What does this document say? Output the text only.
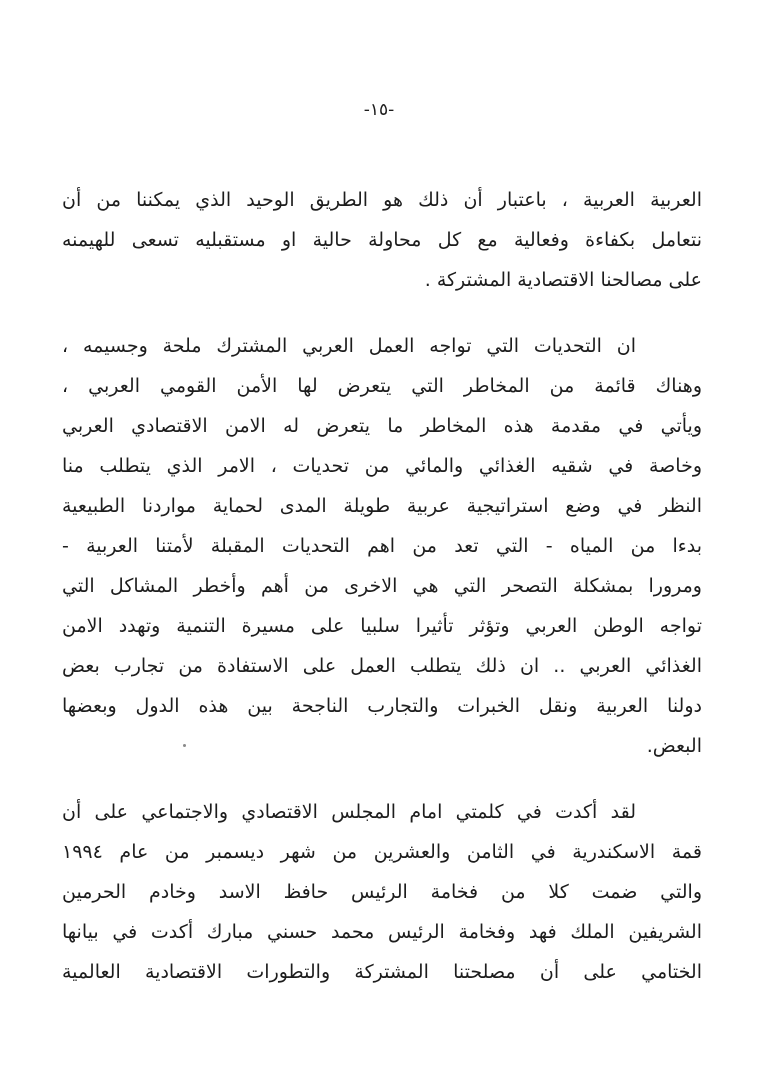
-١٥-
العربية العربية ، باعتبار أن ذلك هو الطريق الوحيد الذي يمكننا من أن
نتعامل بكفاءة وفعالية مع كل محاولة حالية او مستقبليه تسعى للهيمنه
على مصالحنا الاقتصادية المشتركة .
ان التحديات التي تواجه العمل العربي المشترك ملحة وجسيمه ،
وهناك قائمة من المخاطر التي يتعرض لها الأمن القومي العربي ،
ويأتي في مقدمة هذه المخاطر ما يتعرض له الامن الاقتصادي العربي
وخاصة في شقيه الغذائي والمائي من تحديات ، الامر الذي يتطلب منا
النظر في وضع استراتيجية عربية طويلة المدى لحماية مواردنا الطبيعية
بدءا من المياه - التي تعد من اهم التحديات المقبلة لأمتنا العربية -
ومرورا بمشكلة التصحر التي هي الاخرى من أهم وأخطر المشاكل التي
تواجه الوطن العربي وتؤثر تأثيرا سلبيا على مسيرة التنمية وتهدد الامن
الغذائي العربي .. ان ذلك يتطلب العمل على الاستفادة من تجارب بعض
دولنا العربية ونقل الخبرات والتجارب الناجحة بين هذه الدول وبعضها
البعض.
لقد أكدت في كلمتي امام المجلس الاقتصادي والاجتماعي على أن
قمة الاسكندرية في الثامن والعشرين من شهر ديسمبر من عام ١٩٩٤
والتي ضمت كلا من فخامة الرئيس حافظ الاسد وخادم الحرمين
الشريفين الملك فهد وفخامة الرئيس محمد حسني مبارك أكدت في بيانها
الختامي على أن مصلحتنا المشتركة والتطورات الاقتصادية العالمية
